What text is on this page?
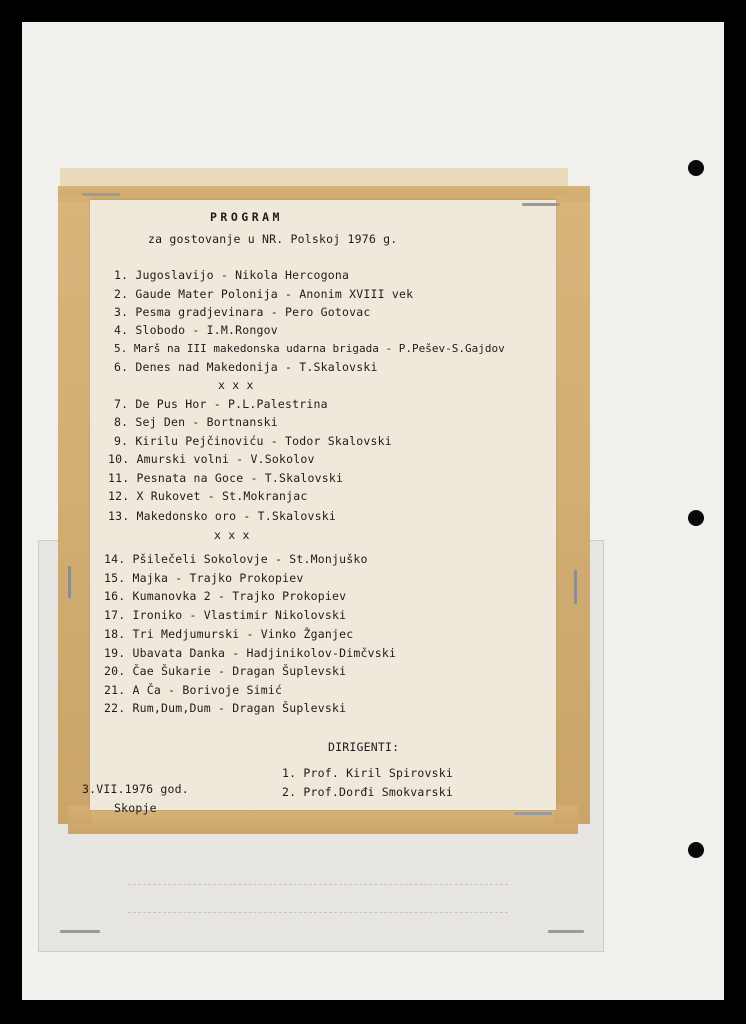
PROGRAM
za gostovanje u NR. Polskoj 1976 g.
1. Jugoslavijo - Nikola Hercogona
2. Gaude Mater Polonija - Anonim XVIII vek
3. Pesma gradjevinara - Pero Gotovac
4. Slobodo - I.M.Rongov
5. Marš na III makedonska udarna brigada - P.Pešev-S.Gajdov
6. Denes nad Makedonija - T.Skalovski
x x x
7. De Pus Hor - P.L.Palestrina
8. Sej Den - Bortnanski
9. Kirilu Pejčinoviću - Todor Skalovski
10. Amurski volni - V.Sokolov
11. Pesnata na Goce - T.Skalovski
12. X Rukovet - St.Mokranjac
13. Makedonsko oro - T.Skalovski
x x x
14. Pšilečeli Sokolovje - St.Monjuško
15. Majka - Trajko Prokopiev
16. Kumanovka 2 - Trajko Prokopiev
17. Ironiko - Vlastimir Nikolovski
18. Tri Medjumurski - Vinko Žganjec
19. Ubavata Danka - Hadjinikolov-Dimčvski
20. Čae Šukarie - Dragan Šuplevski
21. A Ča - Borivoje Simić
22. Rum,Dum,Dum - Dragan Šuplevski
DIRIGENTI:
1. Prof. Kiril Spirovski
2. Prof.Dorđi Smokvarski
3.VII.1976 god.
Skopje
